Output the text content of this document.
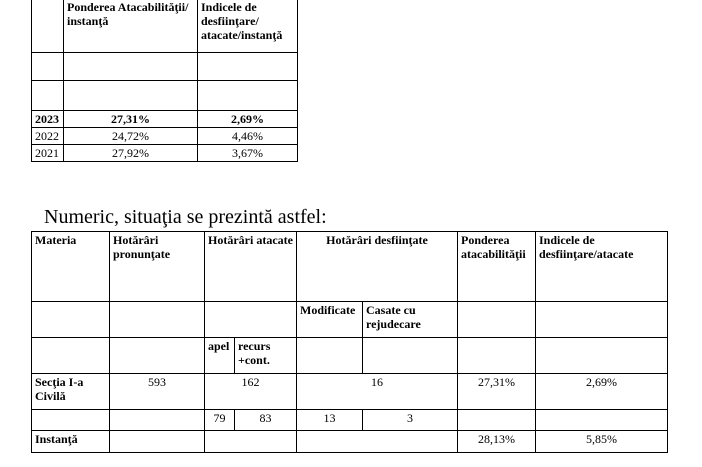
	Ponderea Atacabilităţii/ instanţă	Indicele de desfiinţare/ atacate/instanţă

2023	27,31%	2,69%
2022	24,72%	4,46%
2021	27,92%	3,67%
Numeric, situaţia se prezintă astfel:
Materia	Hotărâri pronunţate	Hotărâri atacate		Hotărâri desfiinţate		Ponderea atacabilităţii	Indicele de desfiinţare/atacate
				Modificate	Casate cu rejudecare		
		apel	recurs +cont.				
Secţia I-a Civilă	593	162		16		27,31%	2,69%
		79	83	13	3		
Instanţă						28,13%	5,85%
